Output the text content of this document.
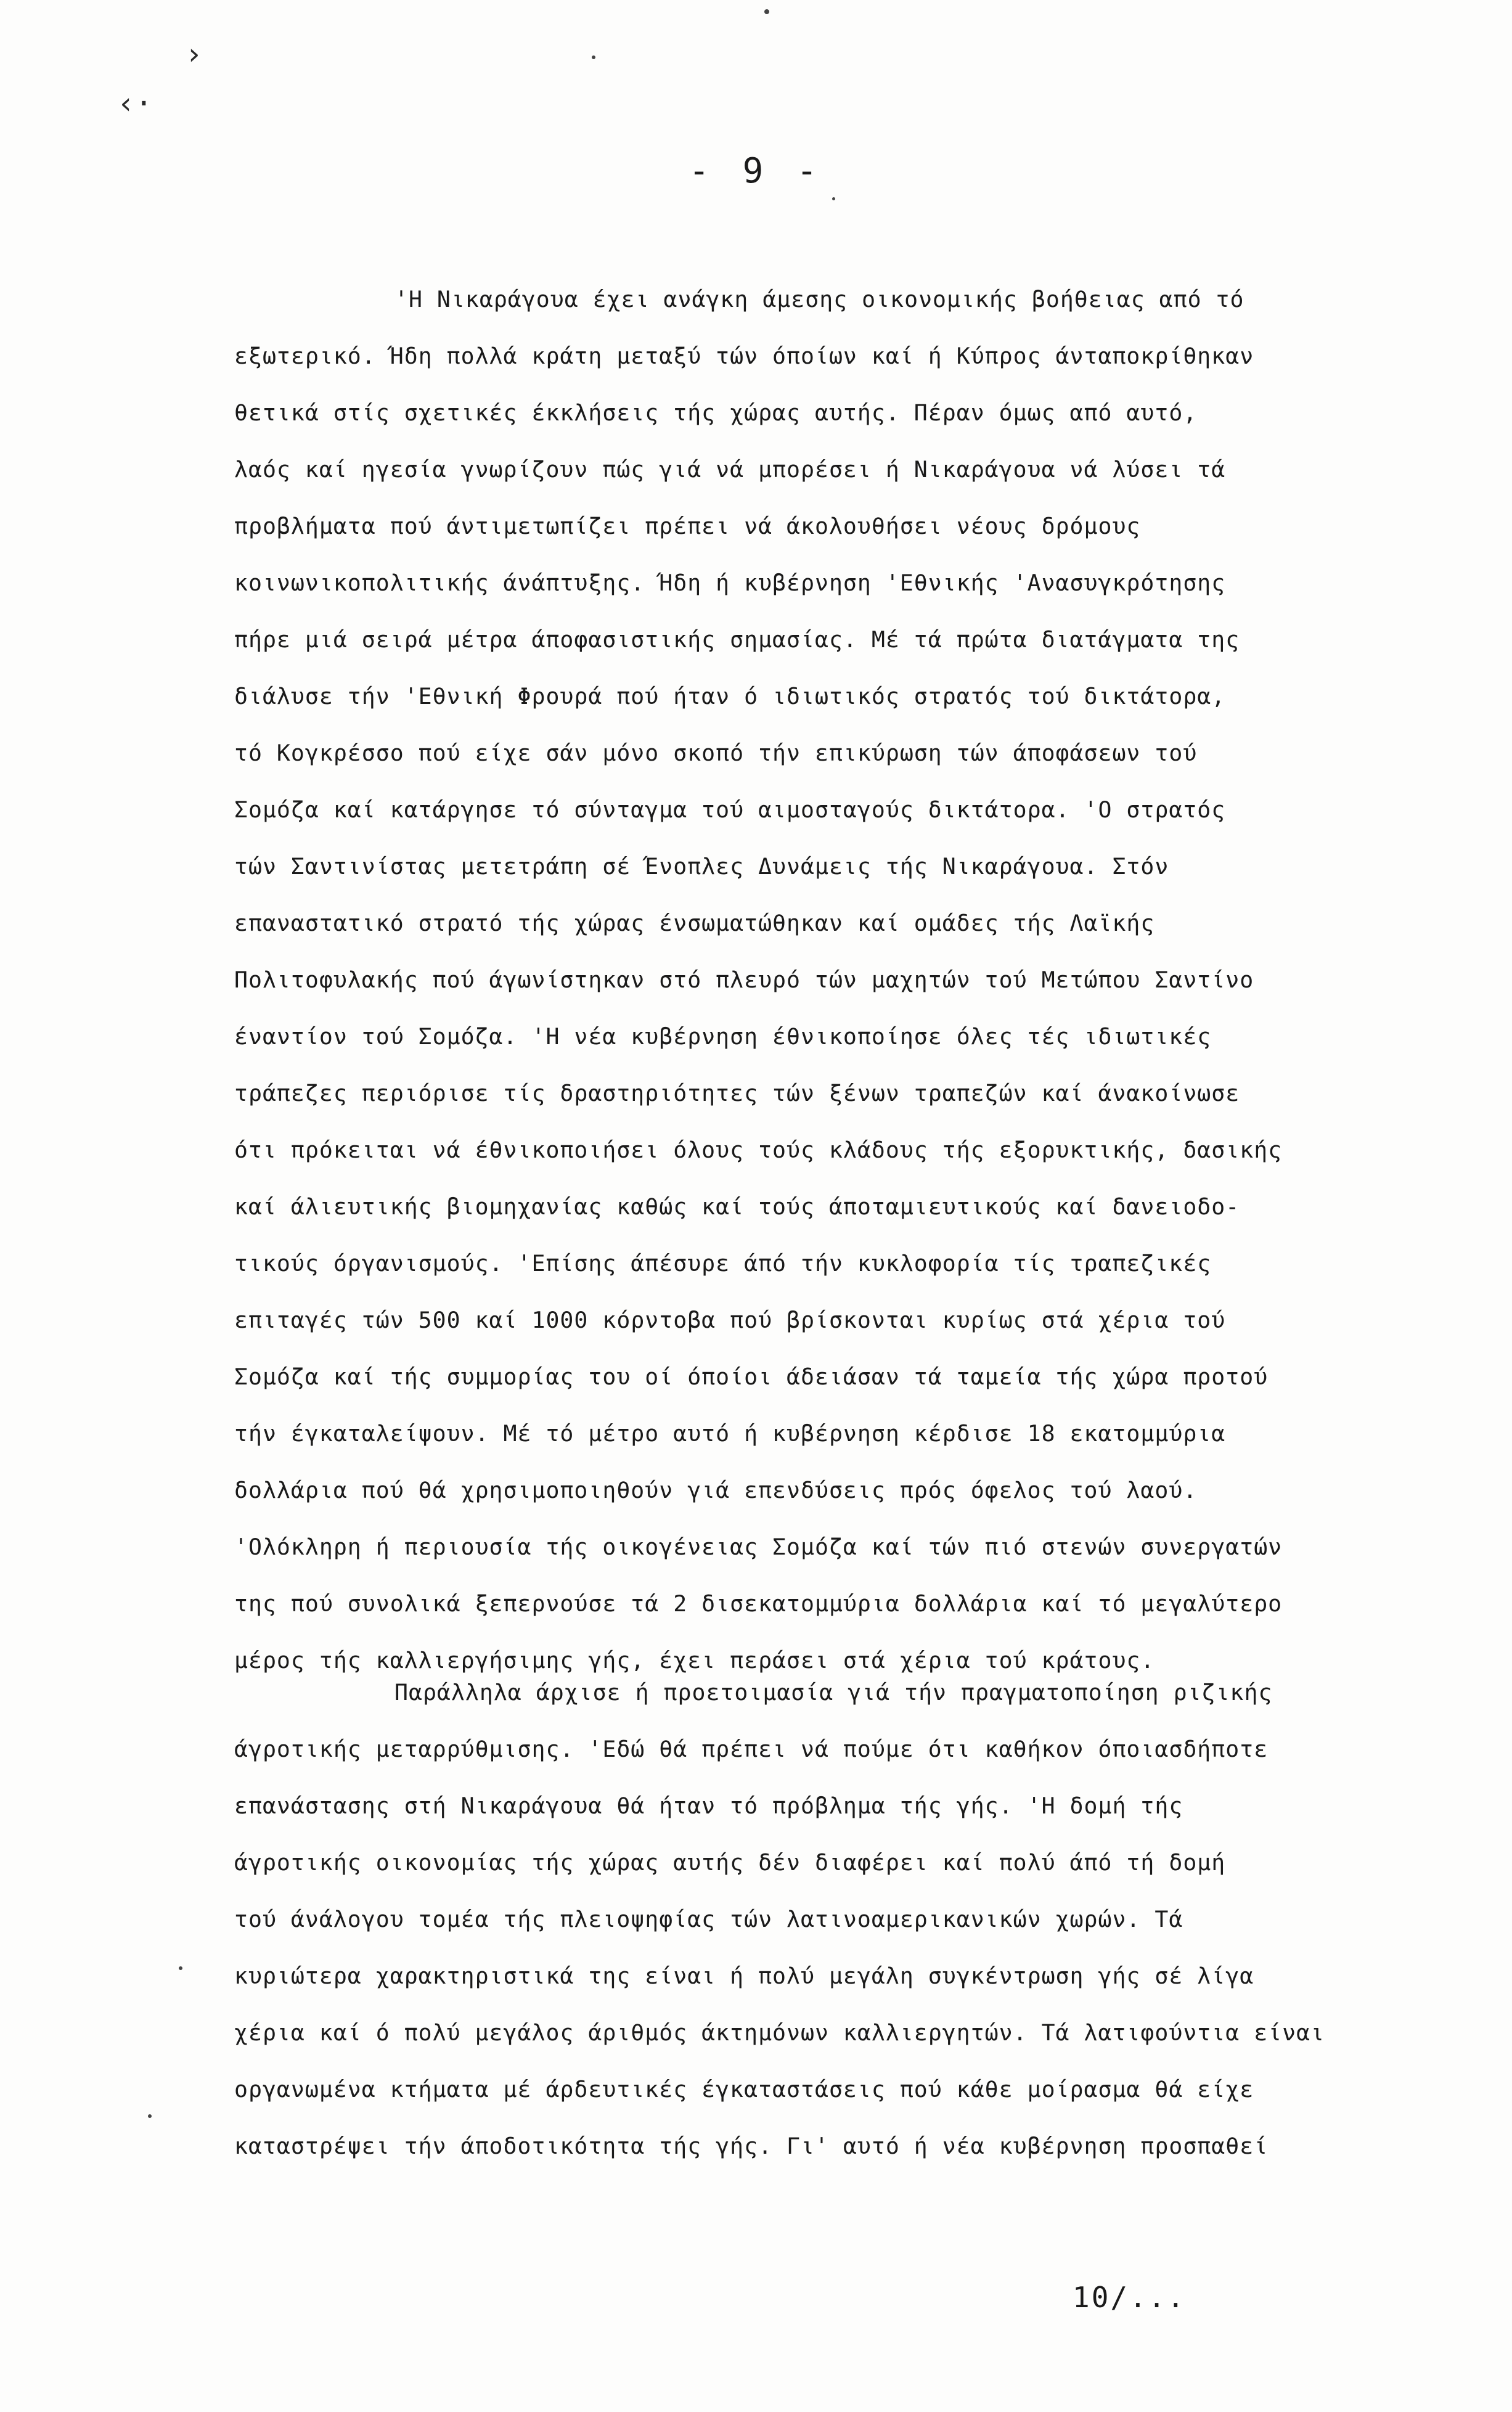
›
‹·
- 9 -
'Η Νικαράγουα έχει ανάγκη άμεσης οικονομικής βοήθειας από τό
εξωτερικό. Ήδη πολλά κράτη μεταξύ τών όποίων καί ή Κύπρος άνταποκρίθηκαν
θετικά στίς σχετικές έκκλήσεις τής χώρας αυτής. Πέραν όμως από αυτό,
λαός καί ηγεσία γνωρίζουν πώς γιά νά μπορέσει ή Νικαράγουα νά λύσει τά
προβλήματα πού άντιμετωπίζει πρέπει νά άκολουθήσει νέους δρόμους
κοινωνικοπολιτικής άνάπτυξης. Ήδη ή κυβέρνηση 'Εθνικής 'Ανασυγκρότησης
πήρε μιά σειρά μέτρα άποφασιστικής σημασίας. Μέ τά πρώτα διατάγματα της
διάλυσε τήν 'Εθνική Φρουρά πού ήταν ό ιδιωτικός στρατός τού δικτάτορα,
τό Κογκρέσσο πού είχε σάν μόνο σκοπό τήν επικύρωση τών άποφάσεων τού
Σομόζα καί κατάργησε τό σύνταγμα τού αιμοσταγούς δικτάτορα. 'Ο στρατός
τών Σαντινίστας μετετράπη σέ Ένοπλες Δυνάμεις τής Νικαράγουα. Στόν
επαναστατικό στρατό τής χώρας ένσωματώθηκαν καί ομάδες τής Λαϊκής
Πολιτοφυλακής πού άγωνίστηκαν στό πλευρό τών μαχητών τού Μετώπου Σαντίνο
έναντίον τού Σομόζα. 'Η νέα κυβέρνηση έθνικοποίησε όλες τές ιδιωτικές
τράπεζες περιόρισε τίς δραστηριότητες τών ξένων τραπεζών καί άνακοίνωσε
ότι πρόκειται νά έθνικοποιήσει όλους τούς κλάδους τής εξορυκτικής, δασικής
καί άλιευτικής βιομηχανίας καθώς καί τούς άποταμιευτικούς καί δανειοδο-
τικούς όργανισμούς. 'Επίσης άπέσυρε άπό τήν κυκλοφορία τίς τραπεζικές
επιταγές τών 500 καί 1000 κόρντοβα πού βρίσκονται κυρίως στά χέρια τού
Σομόζα καί τής συμμορίας του οί όποίοι άδειάσαν τά ταμεία τής χώρα προτού
τήν έγκαταλείψουν. Μέ τό μέτρο αυτό ή κυβέρνηση κέρδισε 18 εκατομμύρια
δολλάρια πού θά χρησιμοποιηθούν γιά επενδύσεις πρός όφελος τού λαού.
'Ολόκληρη ή περιουσία τής οικογένειας Σομόζα καί τών πιό στενών συνεργατών
της πού συνολικά ξεπερνούσε τά 2 δισεκατομμύρια δολλάρια καί τό μεγαλύτερο
μέρος τής καλλιεργήσιμης γής, έχει περάσει στά χέρια τού κράτους.
Παράλληλα άρχισε ή προετοιμασία γιά τήν πραγματοποίηση ριζικής
άγροτικής μεταρρύθμισης. 'Εδώ θά πρέπει νά πούμε ότι καθήκον όποιασδήποτε
επανάστασης στή Νικαράγουα θά ήταν τό πρόβλημα τής γής. 'Η δομή τής
άγροτικής οικονομίας τής χώρας αυτής δέν διαφέρει καί πολύ άπό τή δομή
τού άνάλογου τομέα τής πλειοψηφίας τών λατινοαμερικανικών χωρών. Τά
κυριώτερα χαρακτηριστικά της είναι ή πολύ μεγάλη συγκέντρωση γής σέ λίγα
χέρια καί ό πολύ μεγάλος άριθμός άκτημόνων καλλιεργητών. Τά λατιφούντια είναι
οργανωμένα κτήματα μέ άρδευτικές έγκαταστάσεις πού κάθε μοίρασμα θά είχε
καταστρέψει τήν άποδοτικότητα τής γής. Γι' αυτό ή νέα κυβέρνηση προσπαθεί
10/...
